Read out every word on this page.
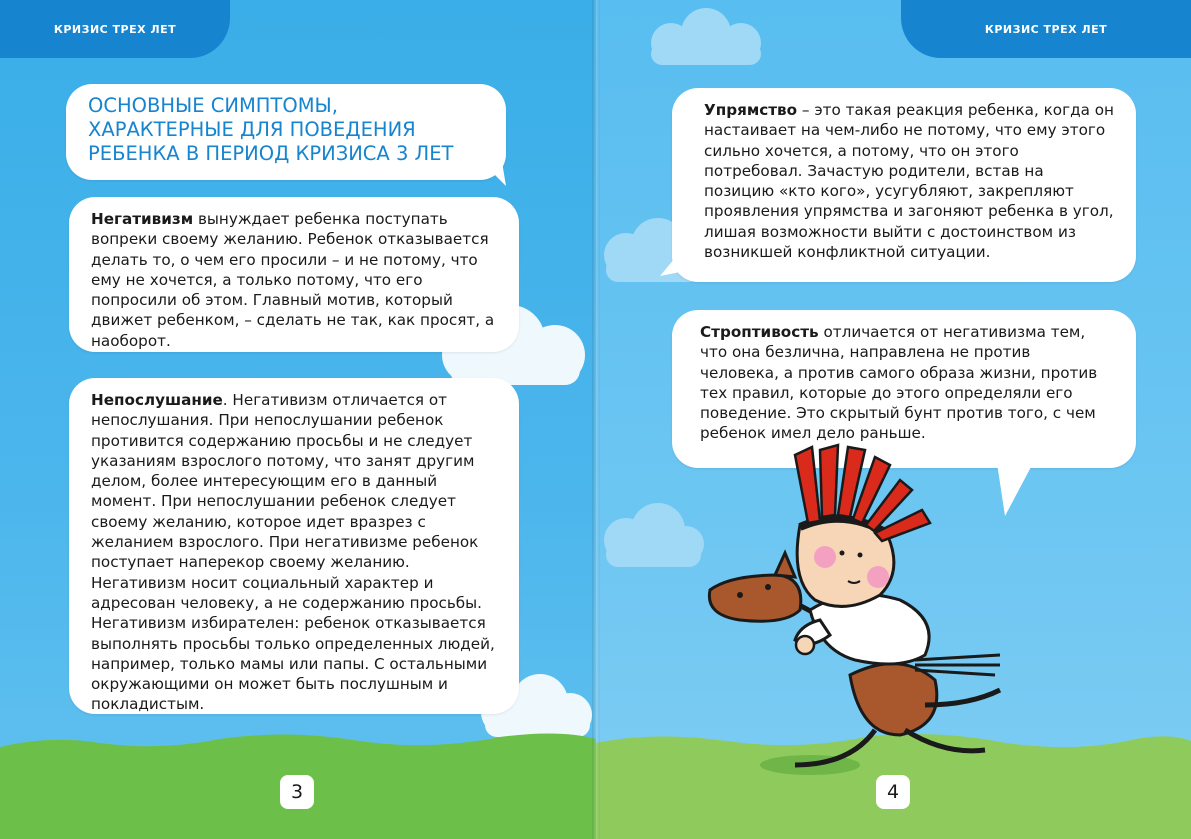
КРИЗИС ТРЕХ ЛЕТ
ОСНОВНЫЕ СИМПТОМЫ, ХАРАКТЕРНЫЕ ДЛЯ ПОВЕДЕНИЯ РЕБЕНКА В ПЕРИОД КРИЗИСА 3 ЛЕТ
Негативизм вынуждает ребенка поступать вопреки своему желанию. Ребенок отказывается делать то, о чем его просили – и не потому, что ему не хочется, а только потому, что его попросили об этом. Главный мотив, который движет ребенком, – сделать не так, как просят, а наоборот.
Непослушание. Негативизм отличается от непослушания. При непослушании ребенок противится содержанию просьбы и не следует указаниям взрослого потому, что занят другим делом, более интересующим его в данный момент. При непослушании ребенок следует своему желанию, которое идет вразрез с желанием взрослого. При негативизме ребенок поступает наперекор своему желанию. Негативизм носит социальный характер и адресован человеку, а не содержанию просьбы. Негативизм избирателен: ребенок отказывается выполнять просьбы только определенных людей, например, только мамы или папы. С остальными окружающими он может быть послушным и покладистым.
3
КРИЗИС ТРЕХ ЛЕТ
Упрямство – это такая реакция ребенка, когда он настаивает на чем-либо не потому, что ему этого сильно хочется, а потому, что он этого потребовал. Зачастую родители, встав на позицию «кто кого», усугубляют, закрепляют проявления упрямства и загоняют ребенка в угол, лишая возможности выйти с достоинством из возникшей конфликтной ситуации.
Строптивость отличается от негативизма тем, что она безлична, направлена не против человека, а против самого образа жизни, против тех правил, которые до этого определяли его поведение. Это скрытый бунт против того, с чем ребенок имел дело раньше.
4
